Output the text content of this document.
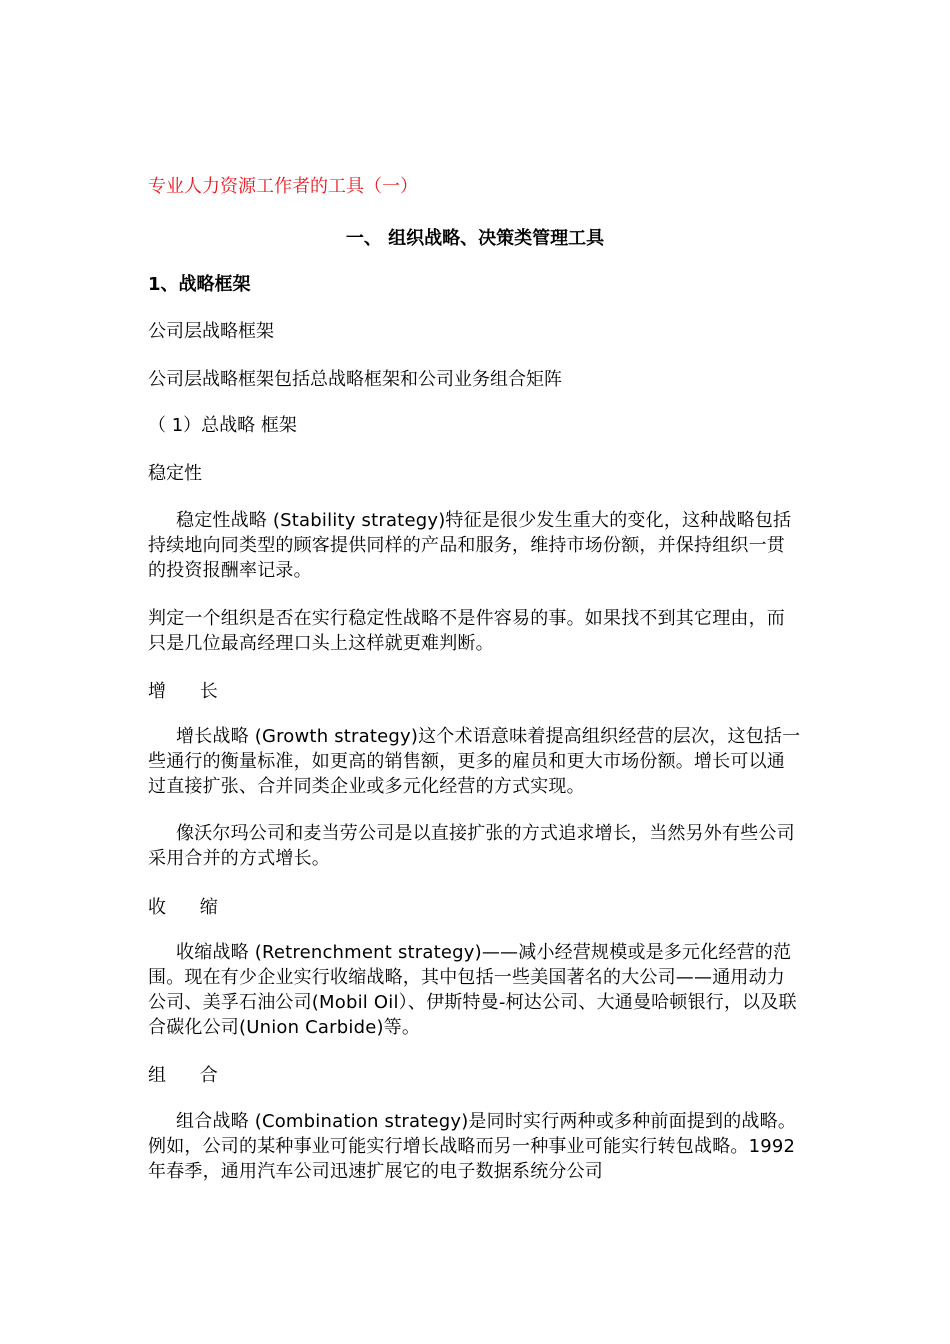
专业人力资源工作者的工具（一）
一、 组织战略、决策类管理工具
1、战略框架
公司层战略框架
公司层战略框架包括总战略框架和公司业务组合矩阵
（ 1）总战略 框架
稳定性
稳定性战略 (Stability strategy)特征是很少发生重大的变化，这种战略包括持续地向同类型的顾客提供同样的产品和服务，维持市场份额，并保持组织一贯的投资报酬率记录。
判定一个组织是否在实行稳定性战略不是件容易的事。如果找不到其它理由，而只是几位最高经理口头上这样就更难判断。
增 长
增长战略 (Growth strategy)这个术语意味着提高组织经营的层次，这包括一些通行的衡量标准，如更高的销售额，更多的雇员和更大市场份额。增长可以通过直接扩张、合并同类企业或多元化经营的方式实现。
像沃尔玛公司和麦当劳公司是以直接扩张的方式追求增长，当然另外有些公司采用合并的方式增长。
收 缩
收缩战略 (Retrenchment strategy)——减小经营规模或是多元化经营的范围。现在有少企业实行收缩战略，其中包括一些美国著名的大公司——通用动力公司、美孚石油公司(Mobil Oil）、伊斯特曼-柯达公司、大通曼哈顿银行，以及联合碳化公司(Union Carbide)等。
组 合
组合战略 (Combination strategy)是同时实行两种或多种前面提到的战略。例如，公司的某种事业可能实行增长战略而另一种事业可能实行转包战略。1992 年春季，通用汽车公司迅速扩展它的电子数据系统分公司
